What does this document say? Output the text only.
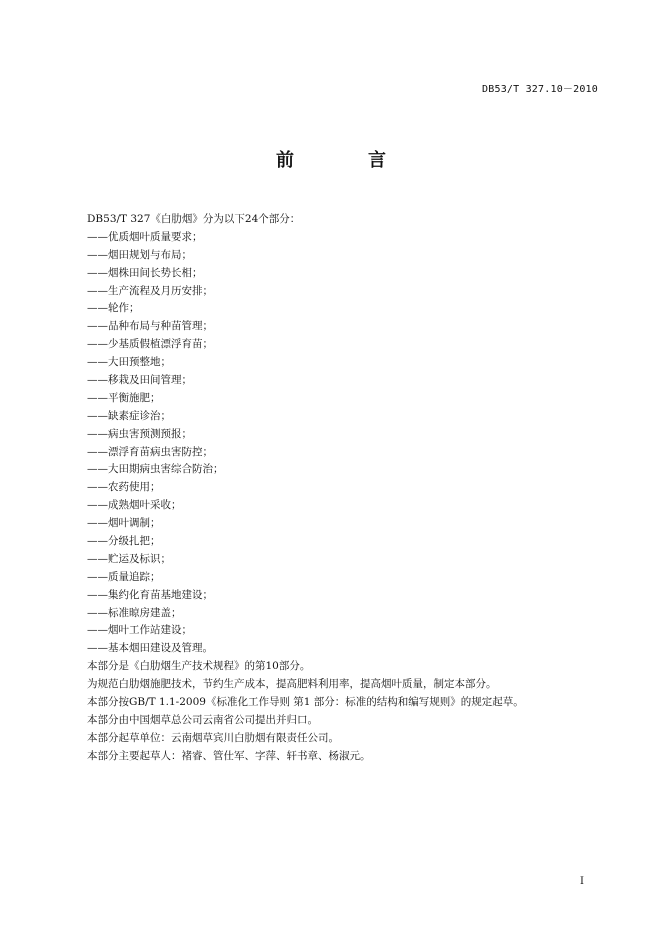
DB53/T 327.10－2010
前　言
DB53/T 327《白肋烟》分为以下24个部分：
——优质烟叶质量要求；
——烟田规划与布局；
——烟株田间长势长相；
——生产流程及月历安排；
——轮作；
——品种布局与种苗管理；
——少基质假植漂浮育苗；
——大田预整地；
——移栽及田间管理；
——平衡施肥；
——缺素症诊治；
——病虫害预测预报；
——漂浮育苗病虫害防控；
——大田期病虫害综合防治；
——农药使用；
——成熟烟叶采收；
——烟叶调制；
——分级扎把；
——贮运及标识；
——质量追踪；
——集约化育苗基地建设；
——标准晾房建盖；
——烟叶工作站建设；
——基本烟田建设及管理。
本部分是《白肋烟生产技术规程》的第10部分。
为规范白肋烟施肥技术，节约生产成本，提高肥料利用率，提高烟叶质量，制定本部分。
本部分按GB/T 1.1-2009《标准化工作导则 第1 部分：标准的结构和编写规则》的规定起草。
本部分由中国烟草总公司云南省公司提出并归口。
本部分起草单位：云南烟草宾川白肋烟有限责任公司。
本部分主要起草人：褚睿、管仕军、字萍、轩书章、杨淑元。
I
